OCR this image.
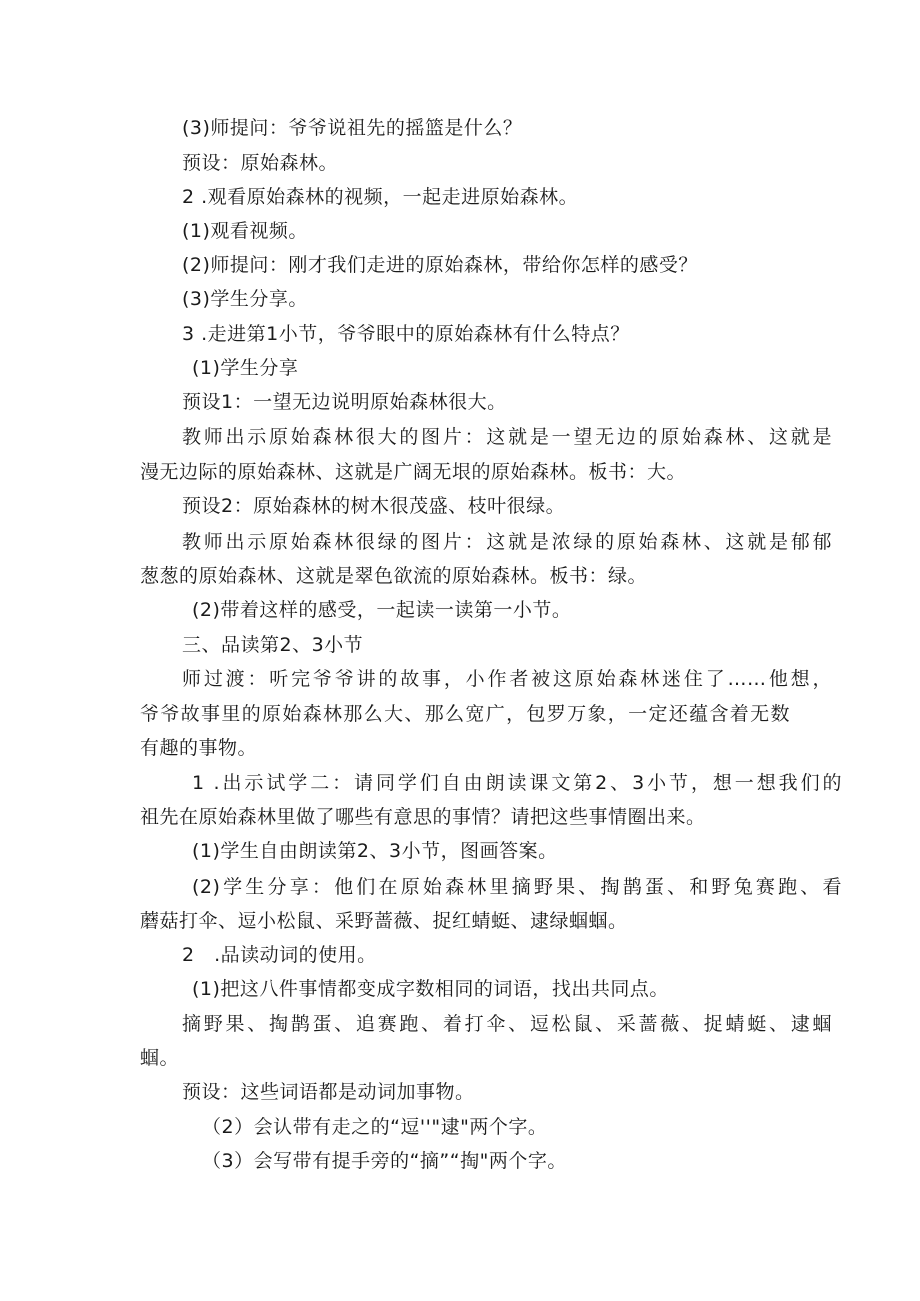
(3)师提问：爷爷说祖先的摇篮是什么？
预设：原始森林。
2 .观看原始森林的视频，一起走进原始森林。
(1)观看视频。
(2)师提问：刚才我们走进的原始森林，带给你怎样的感受？
(3)学生分享。
3 .走进第1小节，爷爷眼中的原始森林有什么特点？
(1)学生分享
预设1：一望无边说明原始森林很大。
教师出示原始森林很大的图片：这就是一望无边的原始森林、这就是
漫无边际的原始森林、这就是广阔无垠的原始森林。板书：大。
预设2：原始森林的树木很茂盛、枝叶很绿。
教师出示原始森林很绿的图片：这就是浓绿的原始森林、这就是郁郁
葱葱的原始森林、这就是翠色欲流的原始森林。板书：绿。
(2)带着这样的感受，一起读一读第一小节。
三、品读第2、3小节
师过渡：听完爷爷讲的故事，小作者被这原始森林迷住了……他想，
爷爷故事里的原始森林那么大、那么宽广，包罗万象，一定还蕴含着无数
有趣的事物。
1 .出示试学二：请同学们自由朗读课文第2、3小节，想一想我们的
祖先在原始森林里做了哪些有意思的事情？请把这些事情圈出来。
(1)学生自由朗读第2、3小节，图画答案。
(2)学生分享：他们在原始森林里摘野果、掏鹊蛋、和野兔赛跑、看
蘑菇打伞、逗小松鼠、采野蔷薇、捉红蜻蜓、逮绿蝈蝈。
2　.品读动词的使用。
(1)把这八件事情都变成字数相同的词语，找出共同点。
摘野果、掏鹊蛋、追赛跑、着打伞、逗松鼠、采蔷薇、捉蜻蜓、逮蝈
蝈。
预设：这些词语都是动词加事物。
（2）会认带有走之的“逗''"逮"两个字。
（3）会写带有提手旁的“摘”“掏"两个字。
